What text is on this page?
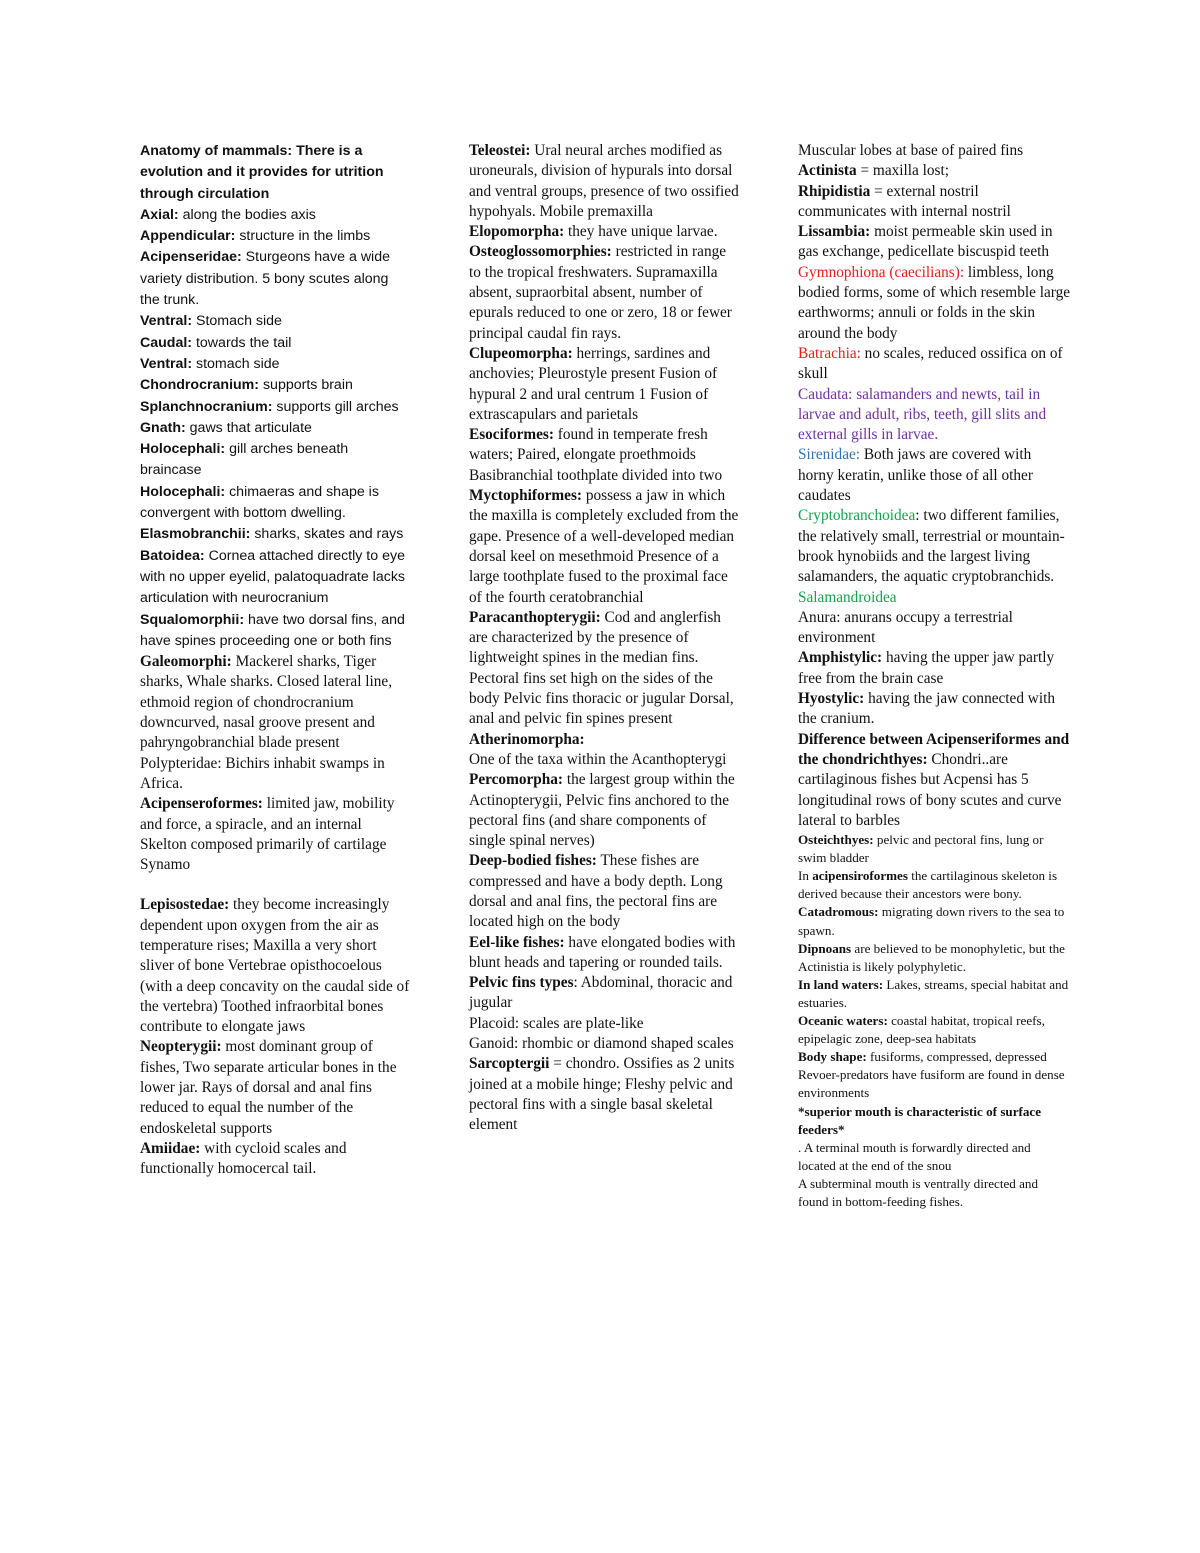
Anatomy of mammals: There is a evolution and it provides for utrition through circulation

Axial: along the bodies axis

Appendicular: structure in the limbs

Acipenseridae: Sturgeons have a wide variety distribution. 5 bony scutes along the trunk.

Ventral: Stomach side

Caudal: towards the tail

Ventral: stomach side

Chondrocranium: supports brain

Splanchnocranium: supports gill arches

Gnath: gaws that articulate

Holocephali: gill arches beneath braincase

Holocephali: chimaeras and shape is convergent with bottom dwelling.

Elasmobranchii: sharks, skates and rays

Batoidea: Cornea attached directly to eye with no upper eyelid, palatoquadrate lacks articulation with neurocranium

Squalomorphii: have two dorsal fins, and have spines proceeding one or both fins

Galeomorphi: Mackerel sharks, Tiger sharks, Whale sharks. Closed lateral line, ethmoid region of chondrocranium downcurved, nasal groove present and pahryngobranchial blade present

Polypteridae: Bichirs inhabit swamps in Africa.

Acipenseroformes: limited jaw, mobility and force, a spiracle, and an internal Skelton composed primarily of cartilage

Synamo

Lepisostedae: they become increasingly dependent upon oxygen from the air as temperature rises; Maxilla a very short sliver of bone Vertebrae opisthocoelous (with a deep concavity on the caudal side of the vertebra) Toothed infraorbital bones contribute to elongate jaws

Neopterygii: most dominant group of fishes, Two separate articular bones in the lower jar. Rays of dorsal and anal fins reduced to equal the number of the endoskeletal supports

Amiidae: with cycloid scales and functionally homocercal tail.

Teleostei: Ural neural arches modified as uroneurals, division of hypurals into dorsal and ventral groups, presence of two ossified hypohyals. Mobile premaxilla

Elopomorpha: they have unique larvae.

Osteoglossomorphies: restricted in range to the tropical freshwaters. Supramaxilla absent, supraorbital absent, number of epurals reduced to one or zero, 18 or fewer principal caudal fin rays.

Clupeomorpha: herrings, sardines and anchovies; Pleurostyle present Fusion of hypural 2 and ural centrum 1 Fusion of extrascapulars and parietals

Esociformes: found in temperate fresh waters; Paired, elongate proethmoids Basibranchial toothplate divided into two

Myctophiformes: possess a jaw in which the maxilla is completely excluded from the gape. Presence of a well-developed median dorsal keel on mesethmoid Presence of a large toothplate fused to the proximal face of the fourth ceratobranchial

Paracanthopterygii: Cod and anglerfish are characterized by the presence of lightweight spines in the median fins. Pectoral fins set high on the sides of the body Pelvic fins thoracic or jugular Dorsal, anal and pelvic fin spines present

Atherinomorpha:

One of the taxa within the Acanthopterygi

Percomorpha: the largest group within the Actinopterygii, Pelvic fins anchored to the pectoral fins (and share components of single spinal nerves)

Deep-bodied fishes: These fishes are compressed and have a body depth. Long dorsal and anal fins, the pectoral fins are located high on the body

Eel-like fishes: have elongated bodies with blunt heads and tapering or rounded tails.

Pelvic fins types: Abdominal, thoracic and jugular

Placoid: scales are plate-like

Ganoid: rhombic or diamond shaped scales

Sarcoptergii = chondro. Ossifies as 2 units joined at a mobile hinge; Fleshy pelvic and pectoral fins with a single basal skeletal element

Muscular lobes at base of paired fins

Actinista = maxilla lost;

Rhipidistia = external nostril communicates with internal nostril

Lissambia: moist permeable skin used in gas exchange, pedicellate biscuspid teeth

Gymnophiona (caecilians): limbless, long bodied forms, some of which resemble large earthworms; annuli or folds in the skin around the body

Batrachia: no scales, reduced ossifica on of skull

Caudata: salamanders and newts, tail in larvae and adult, ribs, teeth, gill slits and external gills in larvae.

Sirenidae: Both jaws are covered with horny keratin, unlike those of all other caudates

Cryptobranchoidea: two different families, the relatively small, terrestrial or mountain-brook hynobiids and the largest living salamanders, the aquatic cryptobranchids.

Salamandroidea

Anura: anurans occupy a terrestrial environment

Amphistylic: having the upper jaw partly free from the brain case

Hyostylic: having the jaw connected with the cranium.

Difference between Acipenseriformes and the chondrichthyes: Chondri..are cartilaginous fishes but Acpensi has 5 longitudinal rows of bony scutes and curve lateral to barbles

Osteichthyes: pelvic and pectoral fins, lung or swim bladder

In acipensiroformes the cartilaginous skeleton is derived because their ancestors were bony.

Catadromous: migrating down rivers to the sea to spawn.

Dipnoans are believed to be monophyletic, but the Actinistia is likely polyphyletic.

In land waters: Lakes, streams, special habitat and estuaries.

Oceanic waters: coastal habitat, tropical reefs, epipelagic zone, deep-sea habitats

Body shape: fusiforms, compressed, depressed

Revoer-predators have fusiform are found in dense environments

*superior mouth is characteristic of surface feeders*

. A terminal mouth is forwardly directed and located at the end of the snou

A subterminal mouth is ventrally directed and found in bottom-feeding fishes.
